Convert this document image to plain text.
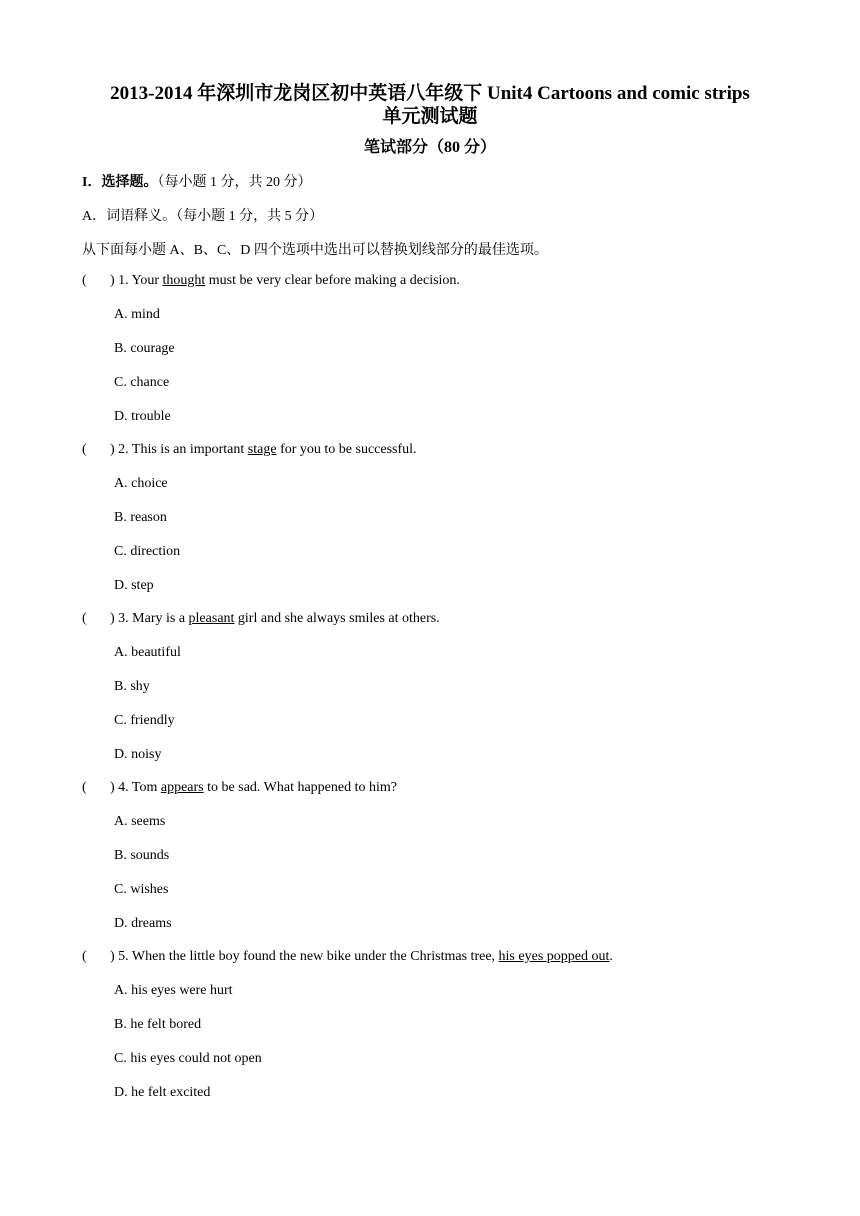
2013-2014 年深圳市龙岗区初中英语八年级下 Unit4 Cartoons and comic strips
单元测试题
笔试部分（80 分）
I．选择题。（每小题 1 分，共 20 分）
A．词语释义。（每小题 1 分，共 5 分）
从下面每小题 A、B、C、D 四个选项中选出可以替换划线部分的最佳选项。
( ) 1. Your thought must be very clear before making a decision.
A. mind
B. courage
C. chance
D. trouble
( ) 2. This is an important stage for you to be successful.
A. choice
B. reason
C. direction
D. step
( ) 3. Mary is a pleasant girl and she always smiles at others.
A. beautiful
B. shy
C. friendly
D. noisy
( ) 4. Tom appears to be sad. What happened to him?
A. seems
B. sounds
C. wishes
D. dreams
( ) 5. When the little boy found the new bike under the Christmas tree, his eyes popped out.
A. his eyes were hurt
B. he felt bored
C. his eyes could not open
D. he felt excited
